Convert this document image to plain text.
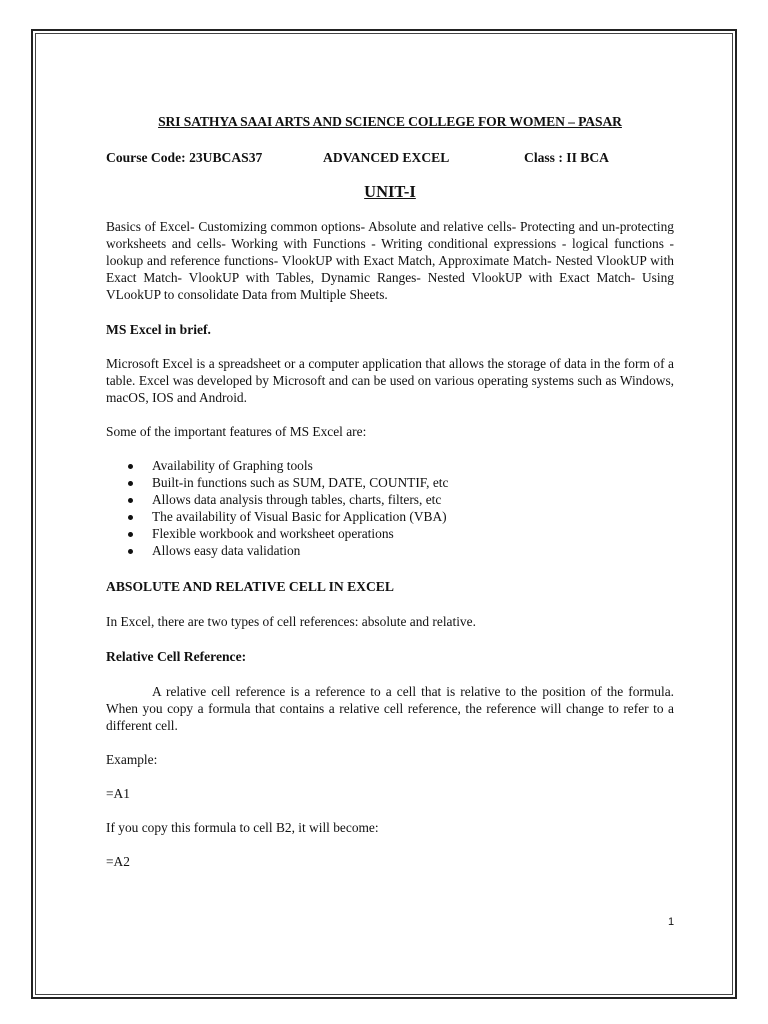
SRI SATHYA SAAI ARTS AND SCIENCE COLLEGE FOR WOMEN – PASAR

Course Code: 23UBCAS37	ADVANCED EXCEL	Class : II BCA
UNIT-I

Basics of Excel- Customizing common options- Absolute and relative cells- Protecting and un-protecting worksheets and cells- Working with Functions - Writing conditional expressions - logical functions - lookup and reference functions- VlookUP with Exact Match, Approximate Match- Nested VlookUP with Exact Match- VlookUP with Tables, Dynamic Ranges- Nested VlookUP with Exact Match- Using VLookUP to consolidate Data from Multiple Sheets.

MS Excel in brief.

Microsoft Excel is a spreadsheet or a computer application that allows the storage of data in the form of a table. Excel was developed by Microsoft and can be used on various operating systems such as Windows, macOS, IOS and Android.

Some of the important features of MS Excel are:

Availability of Graphing tools
Built-in functions such as SUM, DATE, COUNTIF, etc
Allows data analysis through tables, charts, filters, etc
The availability of Visual Basic for Application (VBA)
Flexible workbook and worksheet operations
Allows easy data validation

ABSOLUTE AND RELATIVE CELL IN EXCEL

In Excel, there are two types of cell references: absolute and relative.

Relative Cell Reference:

A relative cell reference is a reference to a cell that is relative to the position of the formula. When you copy a formula that contains a relative cell reference, the reference will change to refer to a different cell.

Example:

=A1

If you copy this formula to cell B2, it will become:

=A2

1
